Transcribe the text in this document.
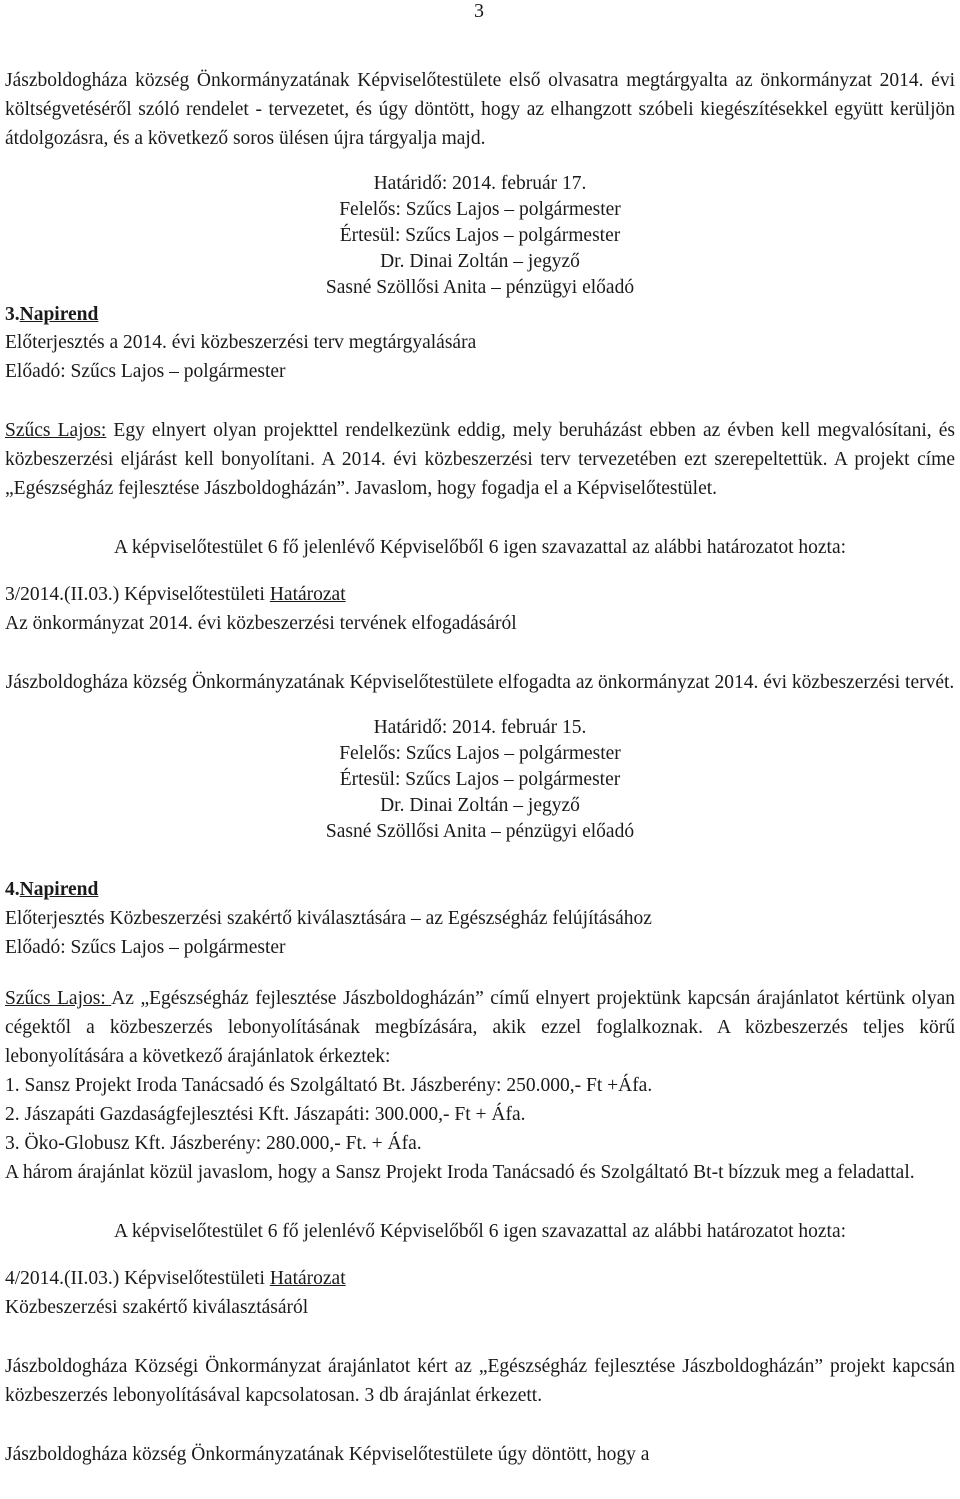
3

Jászboldogháza község Önkormányzatának Képviselőtestülete első olvasatra megtárgyalta az önkormányzat 2014. évi költségvetéséről szóló rendelet - tervezetet, és úgy döntött, hogy az elhangzott szóbeli kiegészítésekkel együtt kerüljön átdolgozásra, és a következő soros ülésen újra tárgyalja majd.

Határidő: 2014. február 17.

Felelős: Szűcs Lajos – polgármester

Értesül: Szűcs Lajos – polgármester

Dr. Dinai Zoltán – jegyző

Sasné Szöllősi Anita – pénzügyi előadó

3.Napirend

Előterjesztés a 2014. évi közbeszerzési terv megtárgyalására

Előadó: Szűcs Lajos – polgármester

Szűcs Lajos: Egy elnyert olyan projekttel rendelkezünk eddig, mely beruházást ebben az évben kell megvalósítani, és közbeszerzési eljárást kell bonyolítani. A 2014. évi közbeszerzési terv tervezetében ezt szerepeltettük. A projekt címe „Egészségház fejlesztése Jászboldogházán”. Javaslom, hogy fogadja el a Képviselőtestület.

A képviselőtestület 6 fő jelenlévő Képviselőből 6 igen szavazattal az alábbi határozatot hozta:

3/2014.(II.03.) Képviselőtestületi Határozat

Az önkormányzat 2014. évi közbeszerzési tervének elfogadásáról

Jászboldogháza község Önkormányzatának Képviselőtestülete elfogadta az önkormányzat 2014. évi közbeszerzési tervét.

Határidő: 2014. február 15.

Felelős: Szűcs Lajos – polgármester

Értesül: Szűcs Lajos – polgármester

Dr. Dinai Zoltán – jegyző

Sasné Szöllősi Anita – pénzügyi előadó

4.Napirend

Előterjesztés Közbeszerzési szakértő kiválasztására – az Egészségház felújításához

Előadó: Szűcs Lajos – polgármester

Szűcs Lajos: Az „Egészségház fejlesztése Jászboldogházán” című elnyert projektünk kapcsán árajánlatot kértünk olyan cégektől a közbeszerzés lebonyolításának megbízására, akik ezzel foglalkoznak. A közbeszerzés teljes körű lebonyolítására a következő árajánlatok érkeztek:

1. Sansz Projekt Iroda Tanácsadó és Szolgáltató Bt. Jászberény: 250.000,- Ft +Áfa.

2. Jászapáti Gazdaságfejlesztési Kft. Jászapáti: 300.000,- Ft + Áfa.

3. Öko-Globusz Kft. Jászberény: 280.000,- Ft. + Áfa.

A három árajánlat közül javaslom, hogy a Sansz Projekt Iroda Tanácsadó és Szolgáltató Bt-t bízzuk meg a feladattal.

A képviselőtestület 6 fő jelenlévő Képviselőből 6 igen szavazattal az alábbi határozatot hozta:

4/2014.(II.03.) Képviselőtestületi Határozat

Közbeszerzési szakértő kiválasztásáról

Jászboldogháza Községi Önkormányzat árajánlatot kért az „Egészségház fejlesztése Jászboldogházán” projekt kapcsán közbeszerzés lebonyolításával kapcsolatosan. 3 db árajánlat érkezett.

Jászboldogháza község Önkormányzatának Képviselőtestülete úgy döntött, hogy a
